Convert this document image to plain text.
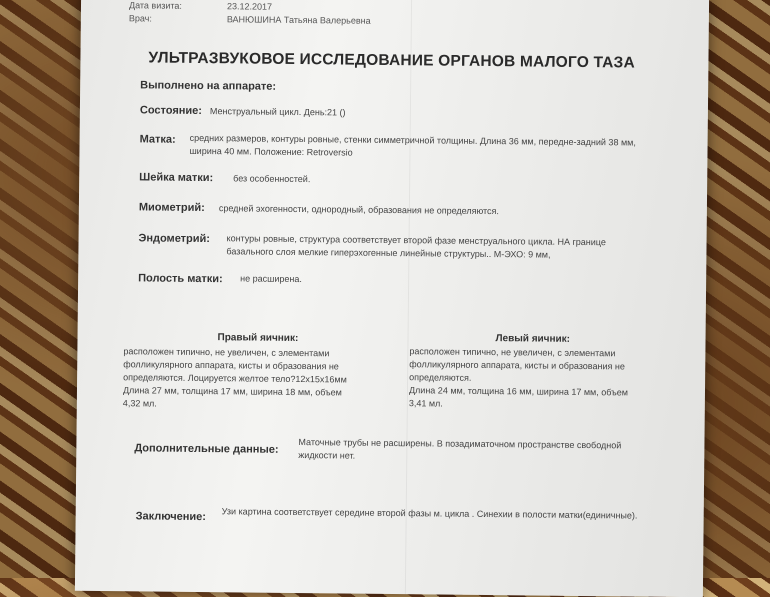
Дата визита:	23.12.2017
Врач:	ВАНЮШИНА Татьяна Валерьевна
УЛЬТРАЗВУКОВОЕ ИССЛЕДОВАНИЕ ОРГАНОВ МАЛОГО ТАЗА
Выполнено на аппарате:
Состояние: Менструальный цикл. День:21 ()
Матка: средних размеров, контуры ровные, стенки симметричной толщины. Длина 36 мм, передне-задний 38 мм,
ширина 40 мм. Положение: Retroversio
Шейка матки: без особенностей.
Миометрий: средней эхогенности, однородный, образования не определяются.
Эндометрий: контуры ровные, структура соответствует второй фазе менструального цикла. НА границе
базального слоя мелкие гиперэхогенные линейные структуры.. М-ЭХО: 9 мм,
Полость матки: не расширена.
Правый яичник:
расположен типично, не увеличен, с элементами
фолликулярного аппарата, кисты и образования не
определяются. Лоцируется желтое тело?12х15х16мм
Длина 27 мм, толщина 17 мм, ширина 18 мм, объем
4,32 мл.
Левый яичник:
расположен типично, не увеличен, с элементами
фолликулярного аппарата, кисты и образования не
определяются.
Длина 24 мм, толщина 16 мм, ширина 17 мм, объем
3,41 мл.
Дополнительные данные: Маточные трубы не расширены. В позадиматочном пространстве свободной
жидкости нет.
Заключение: Узи картина соответствует середине второй фазы м. цикла . Синехии в полости матки(единичные).
